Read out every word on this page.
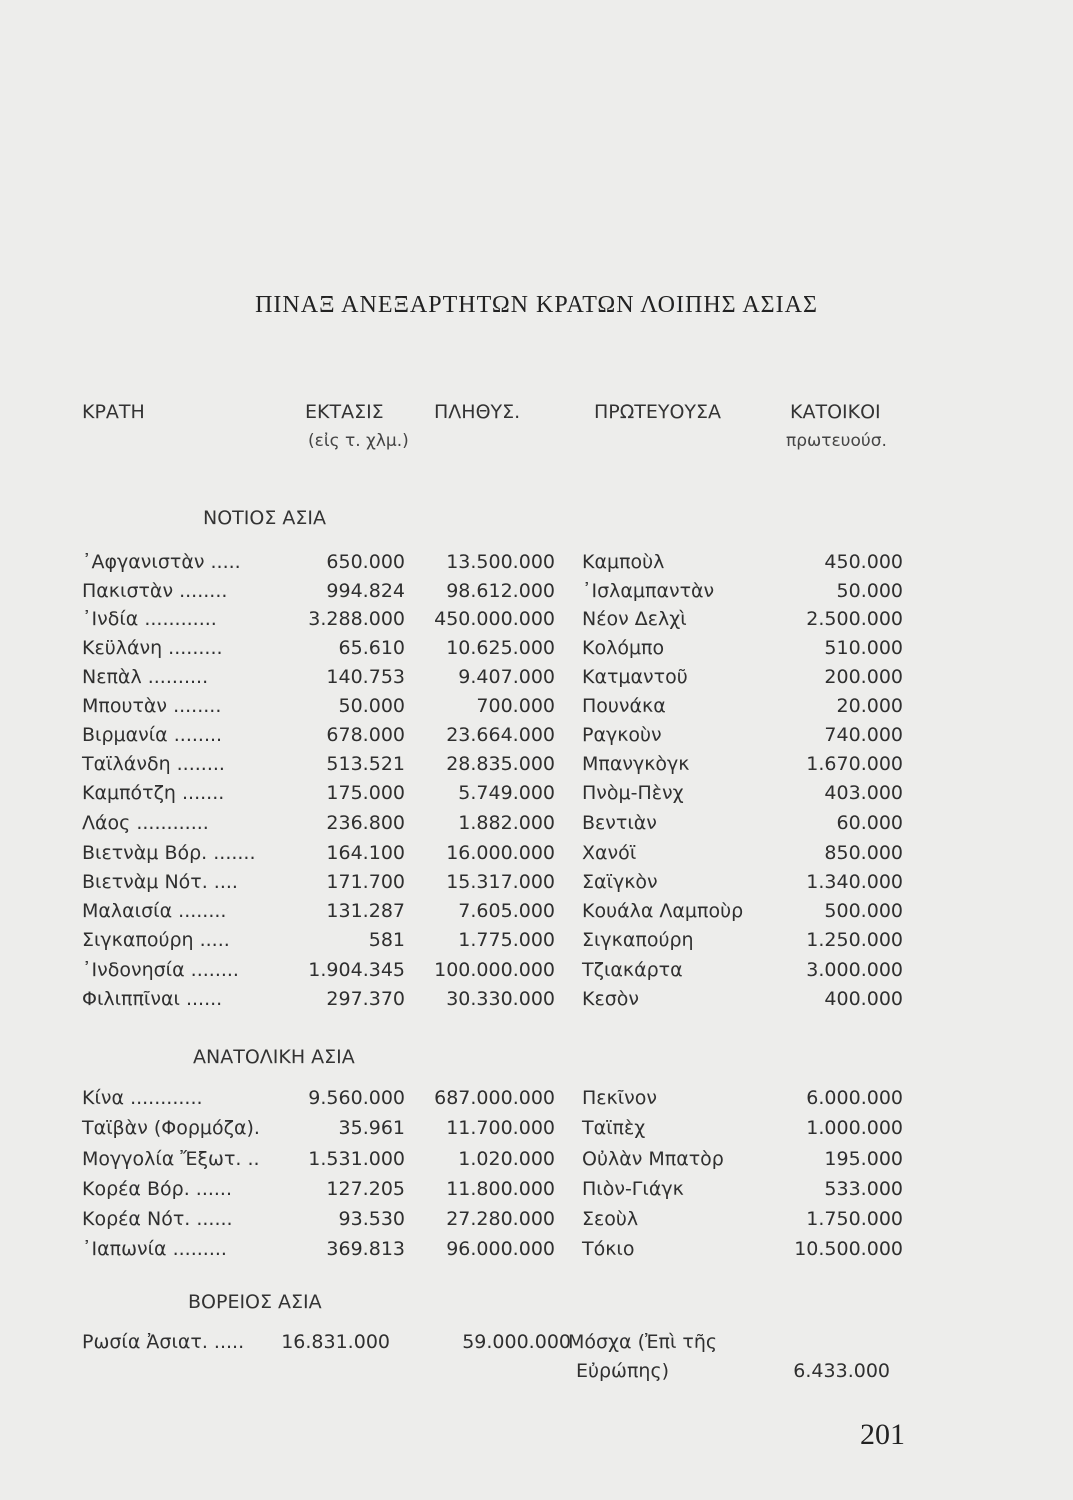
ΠΙΝΑΞ ΑΝΕΞΑΡΤΗΤΩΝ ΚΡΑΤΩΝ ΛΟΙΠΗΣ ΑΣΙΑΣ
ΚΡΑΤΗ	ΕΚΤΑΣΙΣ
(εἰς τ. χλμ.)
ΠΛΗΘΥΣ.	ΠΡΩΤΕΥΟΥΣΑ	ΚΑΤΟΙΚΟΙ
πρωτευούσ.
ΝΟΤΙΟΣ ΑΣΙΑ
᾿Αφγανιστὰν .....	650.000 13.500.000 Καμποὺλ	450.000
Πακιστὰν ........	994.824 98.612.000 ᾿Ισλαμπαντὰν	50.000
᾿Ινδία ............	3.288.000 450.000.000 Νέον Δελχὶ	2.500.000
Κεϋλάνη .........	65.610 10.625.000 Κολόμπο	510.000
Νεπὰλ ..........	140.753	9.407.000 Κατμαντοῦ	200.000
Μπουτὰν ........	50.000	700.000 Πουνάκα	20.000
Βιρμανία ........	678.000 23.664.000 Ραγκοὺν	740.000
Ταϊλάνδη ........	513.521 28.835.000 Μπανγκὸγκ	1.670.000
Καμπότζη .......	175.000	5.749.000 Πνὸμ-Πὲνχ	403.000
Λάος ............	236.800	1.882.000 Βεντιὰν	60.000
Βιετνὰμ Βόρ. .......	164.100 16.000.000 Χανόϊ	850.000
Βιετνὰμ Νότ. ....	171.700 15.317.000 Σαϊγκὸν	1.340.000
Μαλαισία ........	131.287	7.605.000 Κουάλα Λαμποὺρ	500.000
Σιγκαπούρη .....	581	1.775.000 Σιγκαπούρη	1.250.000
᾿Ινδονησία ........	1.904.345 100.000.000 Τζιακάρτα	3.000.000
Φιλιππῖναι ......	297.370 30.330.000 Κεσὸν	400.000
ΑΝΑΤΟΛΙΚΗ ΑΣΙΑ
Κίνα ............	9.560.000 687.000.000 Πεκῖνον	6.000.000
Ταϊβὰν (Φορμόζα).	35.961 11.700.000 Ταϊπὲχ	1.000.000
Μογγολία Ἔξωτ. ..	1.531.000	1.020.000 Οὐλὰν Μπατὸρ	195.000
Κορέα Βόρ. ......	127.205 11.800.000 Πιὸν-Γιάγκ	533.000
Κορέα Νότ. ......	93.530 27.280.000 Σεοὺλ	1.750.000
᾿Ιαπωνία .........	369.813 96.000.000 Τόκιο	10.500.000
ΒΟΡΕΙΟΣ ΑΣΙΑ
Ρωσία Ἀσιατ. ..... 16.831.000	59.000.000
Μόσχα (Ἐπὶ τῆς
Εὐρώπης)	6.433.000
201
